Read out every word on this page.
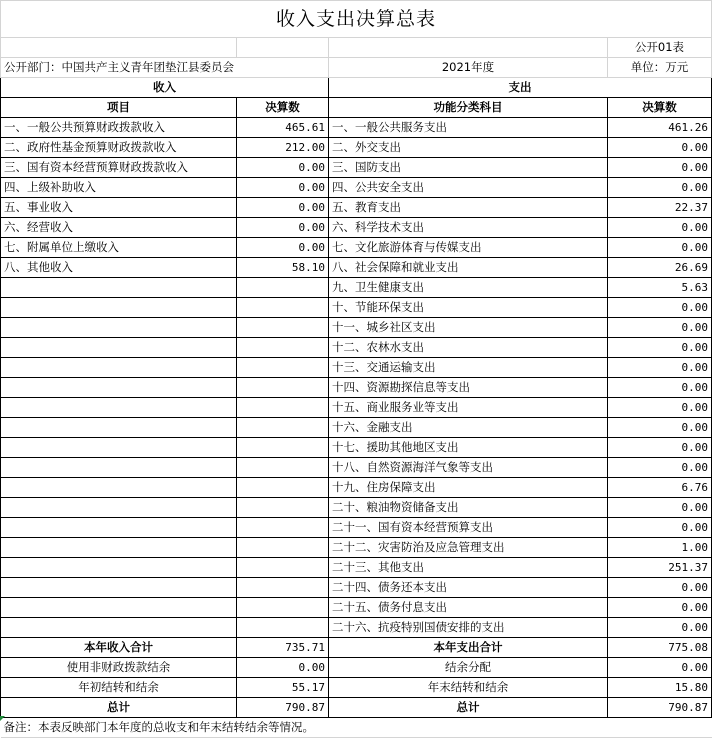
收入支出决算总表			
			公开01表
公开部门：中国共产主义青年团垫江县委员会		2021年度	单位：万元
收入		支出	
项目	决算数	功能分类科目	决算数
一、一般公共预算财政拨款收入	465.61	一、一般公共服务支出	461.26
二、政府性基金预算财政拨款收入	212.00	二、外交支出	0.00
三、国有资本经营预算财政拨款收入	0.00	三、国防支出	0.00
四、上级补助收入	0.00	四、公共安全支出	0.00
五、事业收入	0.00	五、教育支出	22.37
六、经营收入	0.00	六、科学技术支出	0.00
七、附属单位上缴收入	0.00	七、文化旅游体育与传媒支出	0.00
八、其他收入	58.10	八、社会保障和就业支出	26.69
		九、卫生健康支出	5.63
		十、节能环保支出	0.00
		十一、城乡社区支出	0.00
		十二、农林水支出	0.00
		十三、交通运输支出	0.00
		十四、资源勘探信息等支出	0.00
		十五、商业服务业等支出	0.00
		十六、金融支出	0.00
		十七、援助其他地区支出	0.00
		十八、自然资源海洋气象等支出	0.00
		十九、住房保障支出	6.76
		二十、粮油物资储备支出	0.00
		二十一、国有资本经营预算支出	0.00
		二十二、灾害防治及应急管理支出	1.00
		二十三、其他支出	251.37
		二十四、债务还本支出	0.00
		二十五、债务付息支出	0.00
		二十六、抗疫特别国债安排的支出	0.00
本年收入合计	735.71	本年支出合计	775.08
使用非财政拨款结余	0.00	结余分配	0.00
年初结转和结余	55.17	年末结转和结余	15.80
总计	790.87	总计	790.87
备注：本表反映部门本年度的总收支和年末结转结余等情况。			
